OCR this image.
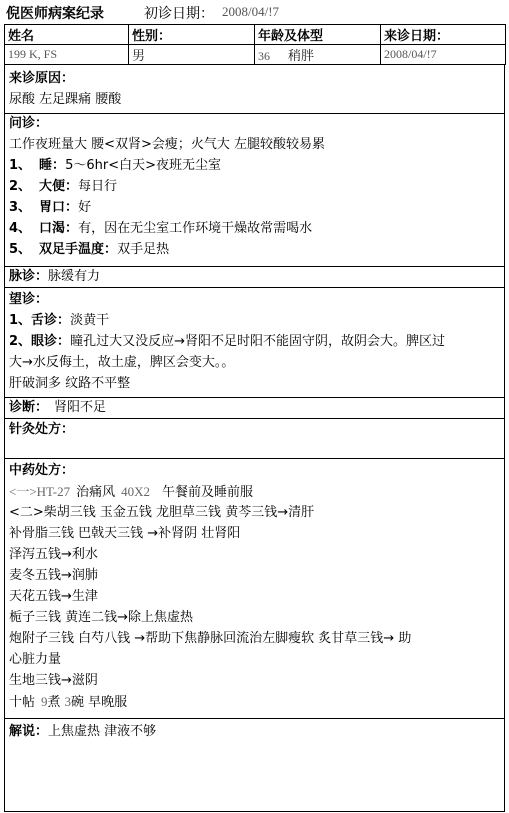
倪医师病案纪录	初诊日期： 2008/04/!7
姓名	性别：	年龄及体型	来诊日期：
199 K, FS	男	36 稍胖	2008/04/!7
来诊原因：
尿酸 左足踝痛 腰酸
问诊：
工作夜班量大 腰<双肾>会瘦；火气大 左腿较酸较易累
1、 睡：5～6hr<白天>夜班无尘室
2、 大便：每日行
3、 胃口：好
4、 口渴：有，因在无尘室工作环境干燥故常需喝水
5、 双足手温度：双手足热
脉诊：脉缓有力
望诊：
1、舌诊：淡黄干
2、眼诊：瞳孔过大又没反应→肾阳不足时阳不能固守阴，故阴会大。脾区过
大→水反侮土，故土虚，脾区会变大。。
肝破洞多 纹路不平整
诊断： 肾阳不足
针灸处方：
中药处方：
<一>HT-27 治痛风 40X2 午餐前及睡前服
<二>柴胡三钱 玉金五钱 龙胆草三钱 黄芩三钱→清肝
补骨脂三钱 巴戟天三钱 →补肾阴 壮肾阳
泽泻五钱→利水
麦冬五钱→润肺
天花五钱→生津
栀子三钱 黄连二钱→除上焦虚热
炮附子三钱 白芍八钱 →帮助下焦静脉回流治左脚瘦软 炙甘草三钱→ 助
心脏力量
生地三钱→滋阴
十帖 9煮 3碗 早晚服
解说：上焦虚热 津液不够
